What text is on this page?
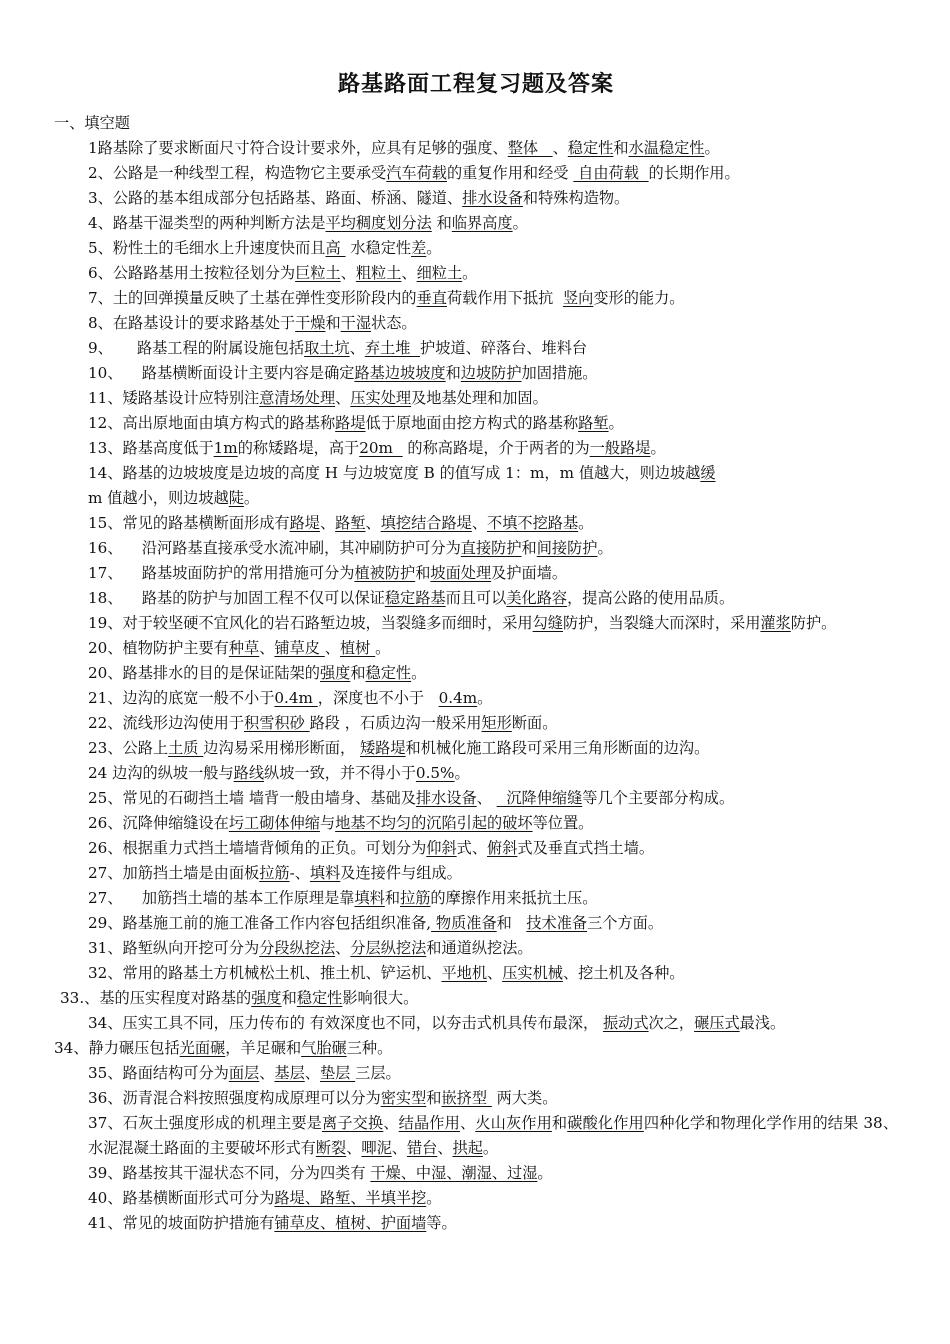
路基路面工程复习题及答案
一、填空题

1路基除了要求断面尺寸符合设计要求外，应具有足够的强度、整体   、稳定性和水温稳定性。

2、公路是一种线型工程，构造物它主要承受汽车荷载的重复作用和经受  自由荷载  的长期作用。

3、公路的基本组成部分包括路基、路面、桥涵、隧道、排水设备和特殊构造物。

4、路基干湿类型的两种判断方法是平均稠度划分法 和临界高度。

5、粉性土的毛细水上升速度快而且高  水稳定性差。

6、公路路基用土按粒径划分为巨粒土、粗粒土、细粒土。

7、土的回弹摸量反映了土基在弹性变形阶段内的垂直荷载作用下抵抗  竖向变形的能力。

8、在路基设计的要求路基处于干燥和干湿状态。

9、     路基工程的附属设施包括取土坑、弃土堆  护坡道、碎落台、堆料台

10、    路基横断面设计主要内容是确定路基边坡坡度和边坡防护加固措施。

11、矮路基设计应特别注意清场处理、压实处理及地基处理和加固。

12、高出原地面由填方构式的路基称路堤低于原地面由挖方构式的路基称路堑。

13、路基高度低于1m的称矮路堤，高于20m   的称高路堤，介于两者的为一般路堤。

14、路基的边坡坡度是边坡的高度 H 与边坡宽度 B 的值写成 1：m，m 值越大，则边坡越缓

m 值越小，则边坡越陡。

15、常见的路基横断面形成有路堤、路堑、填挖结合路堤、不填不挖路基。

16、    沿河路基直接承受水流冲刷，其冲刷防护可分为直接防护和间接防护。

17、    路基坡面防护的常用措施可分为植被防护和坡面处理及护面墙。

18、    路基的防护与加固工程不仅可以保证稳定路基而且可以美化路容，提高公路的使用品质。

19、对于较坚硬不宜风化的岩石路堑边坡，当裂缝多而细时，采用勾缝防护，当裂缝大而深时，采用灌浆防护。

20、植物防护主要有种草、铺草皮 、植树 。

20、路基排水的目的是保证陆架的强度和稳定性。

21、边沟的底宽一般不小于0.4m ，深度也不小于   0.4m。

22、流线形边沟使用于积雪积砂 路段 ，石质边沟一般采用矩形断面。

23、公路上土质 边沟易采用梯形断面， 矮路堤和机械化施工路段可采用三角形断面的边沟。

24 边沟的纵坡一般与路线纵坡一致，并不得小于0.5%。

25、常见的石砌挡土墙 墙背一般由墙身、基础及排水设备、   沉降伸缩缝等几个主要部分构成。

26、沉降伸缩缝设在圬工砌体伸缩与地基不均匀的沉陷引起的破坏等位置。

26、根据重力式挡土墙墙背倾角的正负。可划分为仰斜式、俯斜式及垂直式挡土墙。

27、加筋挡土墙是由面板拉筋-、填料及连接件与组成。

27、    加筋挡土墙的基本工作原理是靠填料和拉筋的摩擦作用来抵抗土压。

29、路基施工前的施工准备工作内容包括组织准备, 物质准备和   技术准备三个方面。

31、路堑纵向开挖可分为分段纵挖法、分层纵挖法和通道纵挖法。

32、常用的路基土方机械松土机、推土机、铲运机、平地机、压实机械、挖土机及各种。

33.、基的压实程度对路基的强度和稳定性影响很大。

34、压实工具不同，压力传布的 有效深度也不同，以夯击式机具传布最深， 振动式次之，碾压式最浅。

34、静力碾压包括光面碾，羊足碾和气胎碾三种。

35、路面结构可分为面层、基层、垫层 三层。

36、沥青混合料按照强度构成原理可以分为密实型和嵌挤型  两大类。

37、石灰土强度形成的机理主要是离子交换、结晶作用、火山灰作用和碳酸化作用四种化学和物理化学作用的结果 38、水泥混凝土路面的主要破坏形式有断裂、唧泥、错台、拱起。

39、路基按其干湿状态不同，分为四类有 干燥、中湿、潮湿、过湿。

40、路基横断面形式可分为路堤、路堑、半填半挖。

41、常见的坡面防护措施有铺草皮、植树、护面墙等。
